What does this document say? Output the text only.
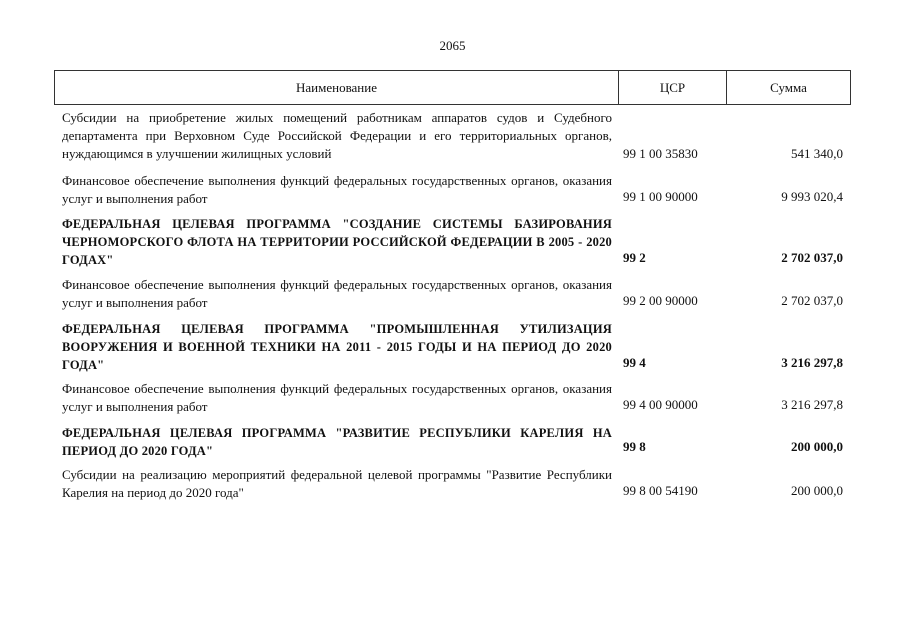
2065
Наименование	ЦСР	Сумма
Субсидии на приобретение жилых помещений работникам аппаратов судов и Судебного департамента при Верховном Суде Российской Федерации и его территориальных органов, нуждающимся в улучшении жилищных условий	99 1 00 35830	541 340,0
Финансовое обеспечение выполнения функций федеральных государственных органов, оказания услуг и выполнения работ	99 1 00 90000	9 993 020,4
ФЕДЕРАЛЬНАЯ ЦЕЛЕВАЯ ПРОГРАММА "СОЗДАНИЕ СИСТЕМЫ БАЗИРОВАНИЯ ЧЕРНОМОРСКОГО ФЛОТА НА ТЕРРИТОРИИ РОССИЙСКОЙ ФЕДЕРАЦИИ В 2005 - 2020 ГОДАХ"	99 2	2 702 037,0
Финансовое обеспечение выполнения функций федеральных государственных органов, оказания услуг и выполнения работ	99 2 00 90000	2 702 037,0
ФЕДЕРАЛЬНАЯ ЦЕЛЕВАЯ ПРОГРАММА "ПРОМЫШЛЕННАЯ УТИЛИЗАЦИЯ ВООРУЖЕНИЯ И ВОЕННОЙ ТЕХНИКИ НА 2011 - 2015 ГОДЫ И НА ПЕРИОД ДО 2020 ГОДА"	99 4	3 216 297,8
Финансовое обеспечение выполнения функций федеральных государственных органов, оказания услуг и выполнения работ	99 4 00 90000	3 216 297,8
ФЕДЕРАЛЬНАЯ ЦЕЛЕВАЯ ПРОГРАММА "РАЗВИТИЕ РЕСПУБЛИКИ КАРЕЛИЯ НА ПЕРИОД ДО 2020 ГОДА"	99 8	200 000,0
Субсидии на реализацию мероприятий федеральной целевой программы "Развитие Республики Карелия на период до 2020 года"	99 8 00 54190	200 000,0
